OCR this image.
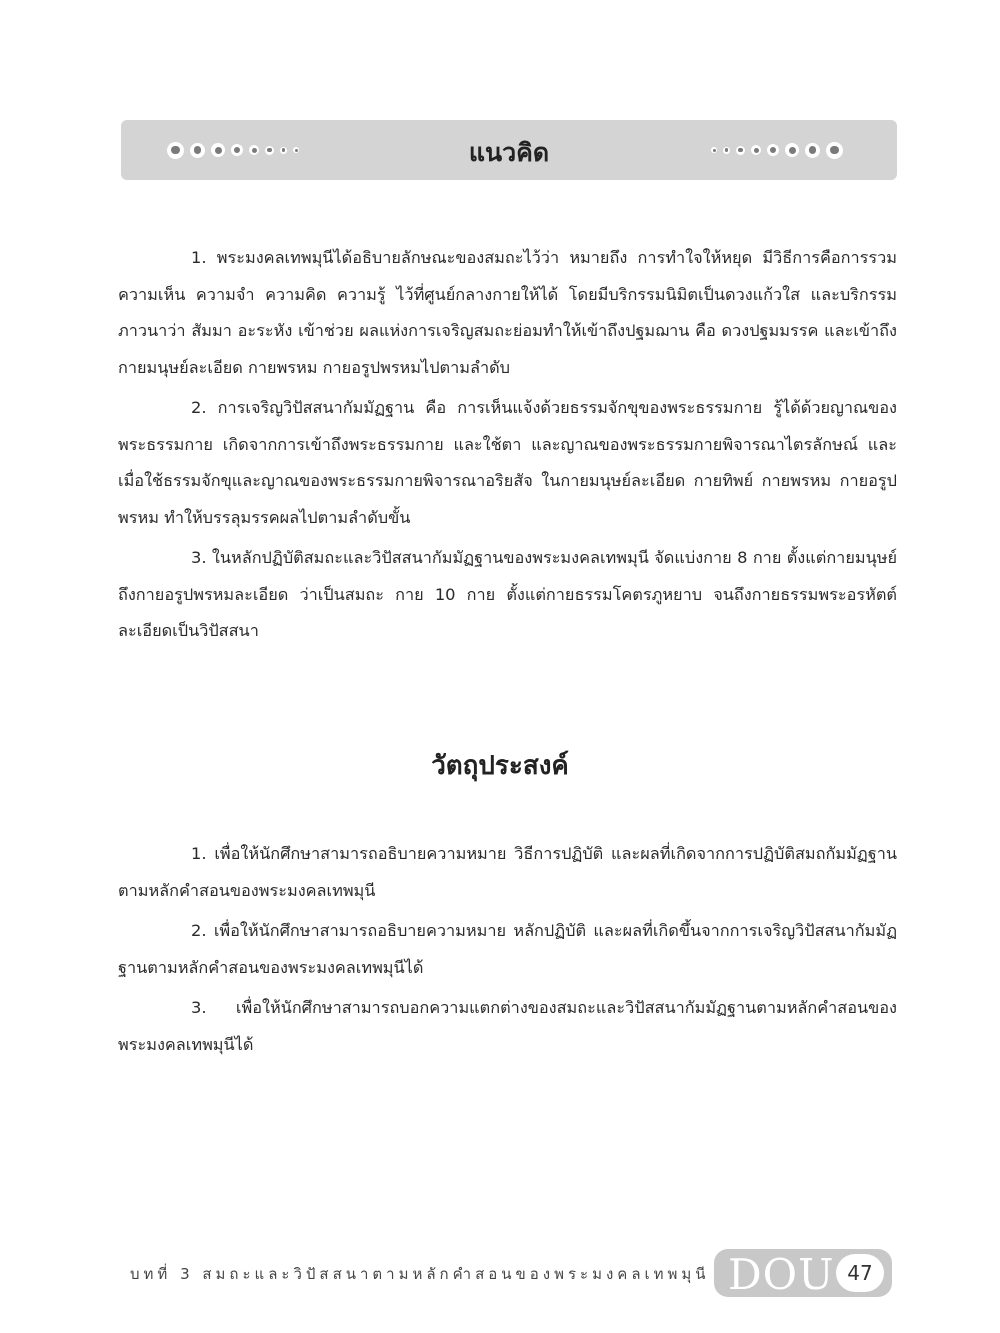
แนวคิด

1. พระมงคลเทพมุนีได้อธิบายลักษณะของสมถะไว้ว่า หมายถึง การทำใจให้หยุด มีวิธีการคือการรวมความเห็น ความจำ ความคิด ความรู้ ไว้ที่ศูนย์กลางกายให้ได้ โดยมีบริกรรมนิมิตเป็นดวงแก้วใส และบริกรรมภาวนาว่า สัมมา อะระหัง เข้าช่วย ผลแห่งการเจริญสมถะย่อมทำให้เข้าถึงปฐมฌาน คือ ดวงปฐมมรรค และเข้าถึงกายมนุษย์ละเอียด กายพรหม กายอรูปพรหมไปตามลำดับ

2. การเจริญวิปัสสนากัมมัฏฐาน คือ การเห็นแจ้งด้วยธรรมจักขุของพระธรรมกาย รู้ได้ด้วยญาณของพระธรรมกาย เกิดจากการเข้าถึงพระธรรมกาย และใช้ตา และญาณของพระธรรมกายพิจารณาไตรลักษณ์ และเมื่อใช้ธรรมจักขุและญาณของพระธรรมกายพิจารณาอริยสัจ ในกายมนุษย์ละเอียด กายทิพย์ กายพรหม กายอรูปพรหม ทำให้บรรลุมรรคผลไปตามลำดับขั้น

3. ในหลักปฏิบัติสมถะและวิปัสสนากัมมัฏฐานของพระมงคลเทพมุนี จัดแบ่งกาย 8 กาย ตั้งแต่กายมนุษย์ถึงกายอรูปพรหมละเอียด ว่าเป็นสมถะ กาย 10 กาย ตั้งแต่กายธรรมโคตรภูหยาบ จนถึงกายธรรมพระอรหัตต์ละเอียดเป็นวิปัสสนา

วัตถุประสงค์

1. เพื่อให้นักศึกษาสามารถอธิบายความหมาย วิธีการปฏิบัติ และผลที่เกิดจากการปฏิบัติสมถกัมมัฏฐานตามหลักคำสอนของพระมงคลเทพมุนี

2. เพื่อให้นักศึกษาสามารถอธิบายความหมาย หลักปฏิบัติ และผลที่เกิดขึ้นจากการเจริญวิปัสสนากัมมัฏฐานตามหลักคำสอนของพระมงคลเทพมุนีได้

3. เพื่อให้นักศึกษาสามารถบอกความแตกต่างของสมถะและวิปัสสนากัมมัฏฐานตามหลักคำสอนของพระมงคลเทพมุนีได้

บทที่ 3 สมถะและวิปัสสนาตามหลักคำสอนของพระมงคลเทพมุนี DOU 47
